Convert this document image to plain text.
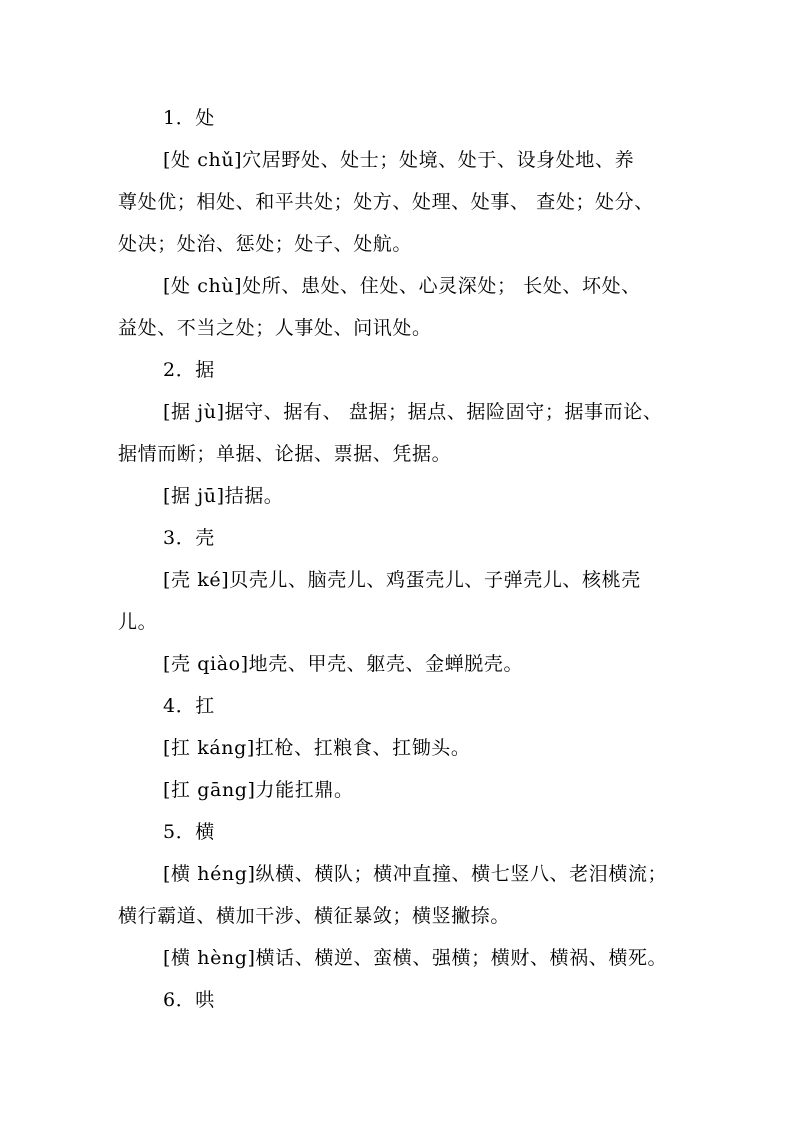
1．处
[处 chǔ]穴居野处、处士；处境、处于、设身处地、养
尊处优；相处、和平共处；处方、处理、处事、 查处；处分、
处决；处治、惩处；处子、处航。
[处 chù]处所、患处、住处、心灵深处； 长处、坏处、
益处、不当之处；人事处、问讯处。
2．据
[据 jù]据守、据有、 盘据；据点、据险固守；据事而论、
据情而断；单据、论据、票据、凭据。
[据 jū]拮据。
3．壳
[壳 ké]贝壳儿、脑壳儿、鸡蛋壳儿、子弹壳儿、核桃壳
儿。
[壳 qiào]地壳、甲壳、躯壳、金蝉脱壳。
4．扛
[扛 káng]扛枪、扛粮食、扛锄头。
[扛 gāng]力能扛鼎。
5．横
[横 héng]纵横、横队；横冲直撞、横七竖八、老泪横流；
横行霸道、横加干涉、横征暴敛；横竖撇捺。
[横 hèng]横话、横逆、蛮横、强横；横财、横祸、横死。
6．哄
